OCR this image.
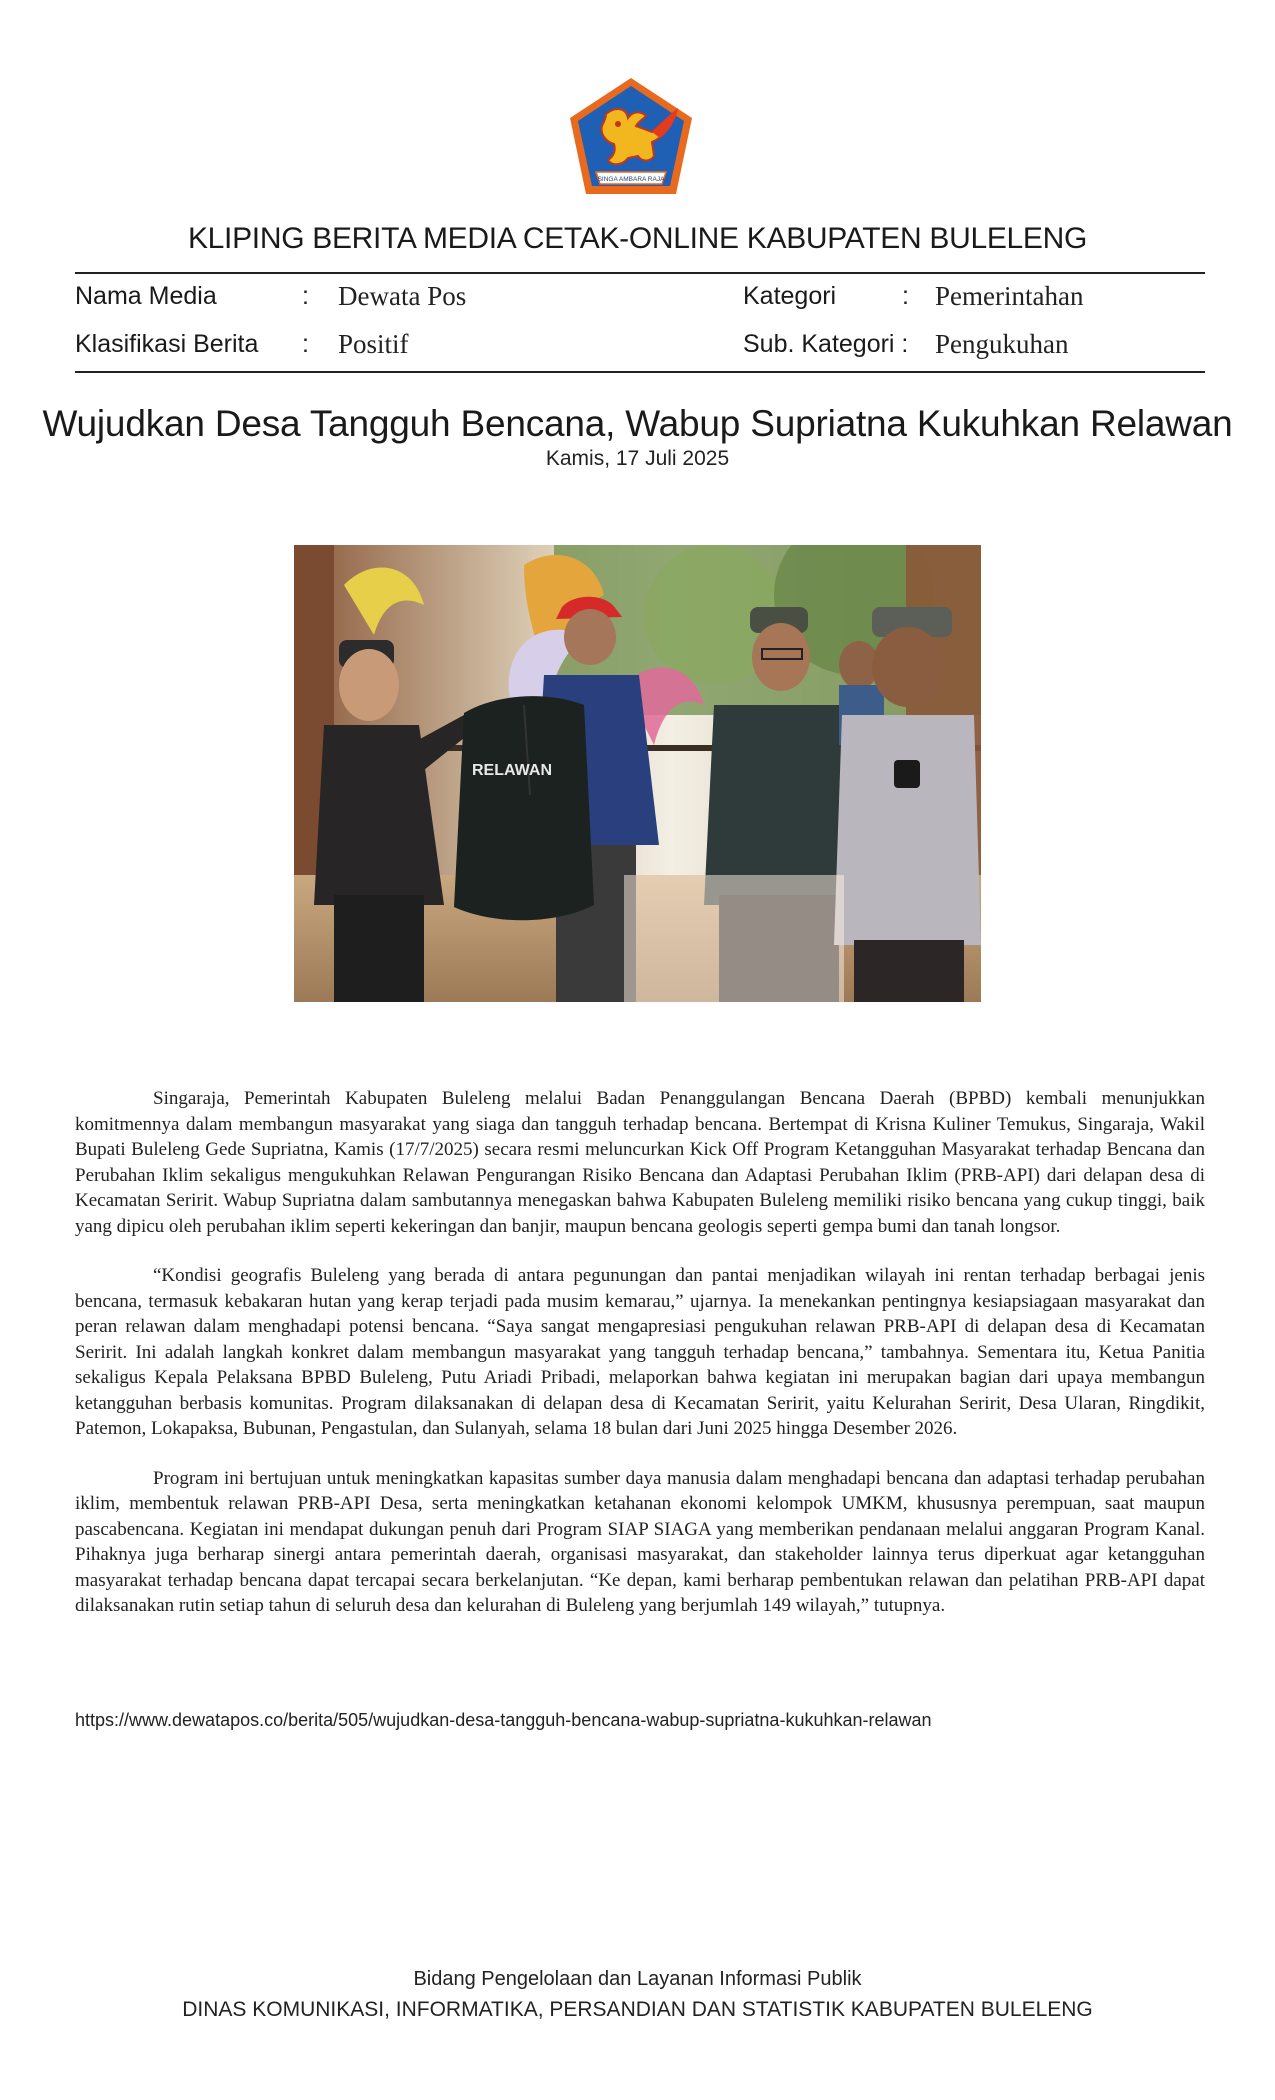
SINGA AMBARA RAJA
KLIPING BERITA MEDIA CETAK-ONLINE KABUPATEN BULELENG
Nama Media	: Dewata Pos	Kategori	: Pemerintahan
Klasifikasi Berita : Positif	Sub. Kategori : Pengukuhan
Wujudkan Desa Tangguh Bencana, Wabup Supriatna Kukuhkan Relawan
Kamis, 17 Juli 2025
RELAWAN

Singaraja, Pemerintah Kabupaten Buleleng melalui Badan Penanggulangan Bencana Daerah (BPBD) kembali menunjukkan komitmennya dalam membangun masyarakat yang siaga dan tangguh terhadap bencana. Bertempat di Krisna Kuliner Temukus, Singaraja, Wakil Bupati Buleleng Gede Supriatna, Kamis (17/7/2025) secara resmi meluncurkan Kick Off Program Ketangguhan Masyarakat terhadap Bencana dan Perubahan Iklim sekaligus mengukuhkan Relawan Pengurangan Risiko Bencana dan Adaptasi Perubahan Iklim (PRB-API) dari delapan desa di Kecamatan Seririt. Wabup Supriatna dalam sambutannya menegaskan bahwa Kabupaten Buleleng memiliki risiko bencana yang cukup tinggi, baik yang dipicu oleh perubahan iklim seperti kekeringan dan banjir, maupun bencana geologis seperti gempa bumi dan tanah longsor.

“Kondisi geografis Buleleng yang berada di antara pegunungan dan pantai menjadikan wilayah ini rentan terhadap berbagai jenis bencana, termasuk kebakaran hutan yang kerap terjadi pada musim kemarau,” ujarnya. Ia menekankan pentingnya kesiapsiagaan masyarakat dan peran relawan dalam menghadapi potensi bencana. “Saya sangat mengapresiasi pengukuhan relawan PRB-API di delapan desa di Kecamatan Seririt. Ini adalah langkah konkret dalam membangun masyarakat yang tangguh terhadap bencana,” tambahnya. Sementara itu, Ketua Panitia sekaligus Kepala Pelaksana BPBD Buleleng, Putu Ariadi Pribadi, melaporkan bahwa kegiatan ini merupakan bagian dari upaya membangun ketangguhan berbasis komunitas. Program dilaksanakan di delapan desa di Kecamatan Seririt, yaitu Kelurahan Seririt, Desa Ularan, Ringdikit, Patemon, Lokapaksa, Bubunan, Pengastulan, dan Sulanyah, selama 18 bulan dari Juni 2025 hingga Desember 2026.

Program ini bertujuan untuk meningkatkan kapasitas sumber daya manusia dalam menghadapi bencana dan adaptasi terhadap perubahan iklim, membentuk relawan PRB-API Desa, serta meningkatkan ketahanan ekonomi kelompok UMKM, khususnya perempuan, saat maupun pascabencana. Kegiatan ini mendapat dukungan penuh dari Program SIAP SIAGA yang memberikan pendanaan melalui anggaran Program Kanal. Pihaknya juga berharap sinergi antara pemerintah daerah, organisasi masyarakat, dan stakeholder lainnya terus diperkuat agar ketangguhan masyarakat terhadap bencana dapat tercapai secara berkelanjutan. “Ke depan, kami berharap pembentukan relawan dan pelatihan PRB-API dapat dilaksanakan rutin setiap tahun di seluruh desa dan kelurahan di Buleleng yang berjumlah 149 wilayah,” tutupnya.

https://www.dewatapos.co/berita/505/wujudkan-desa-tangguh-bencana-wabup-supriatna-kukuhkan-relawan
Bidang Pengelolaan dan Layanan Informasi Publik
DINAS KOMUNIKASI, INFORMATIKA, PERSANDIAN DAN STATISTIK KABUPATEN BULELENG
